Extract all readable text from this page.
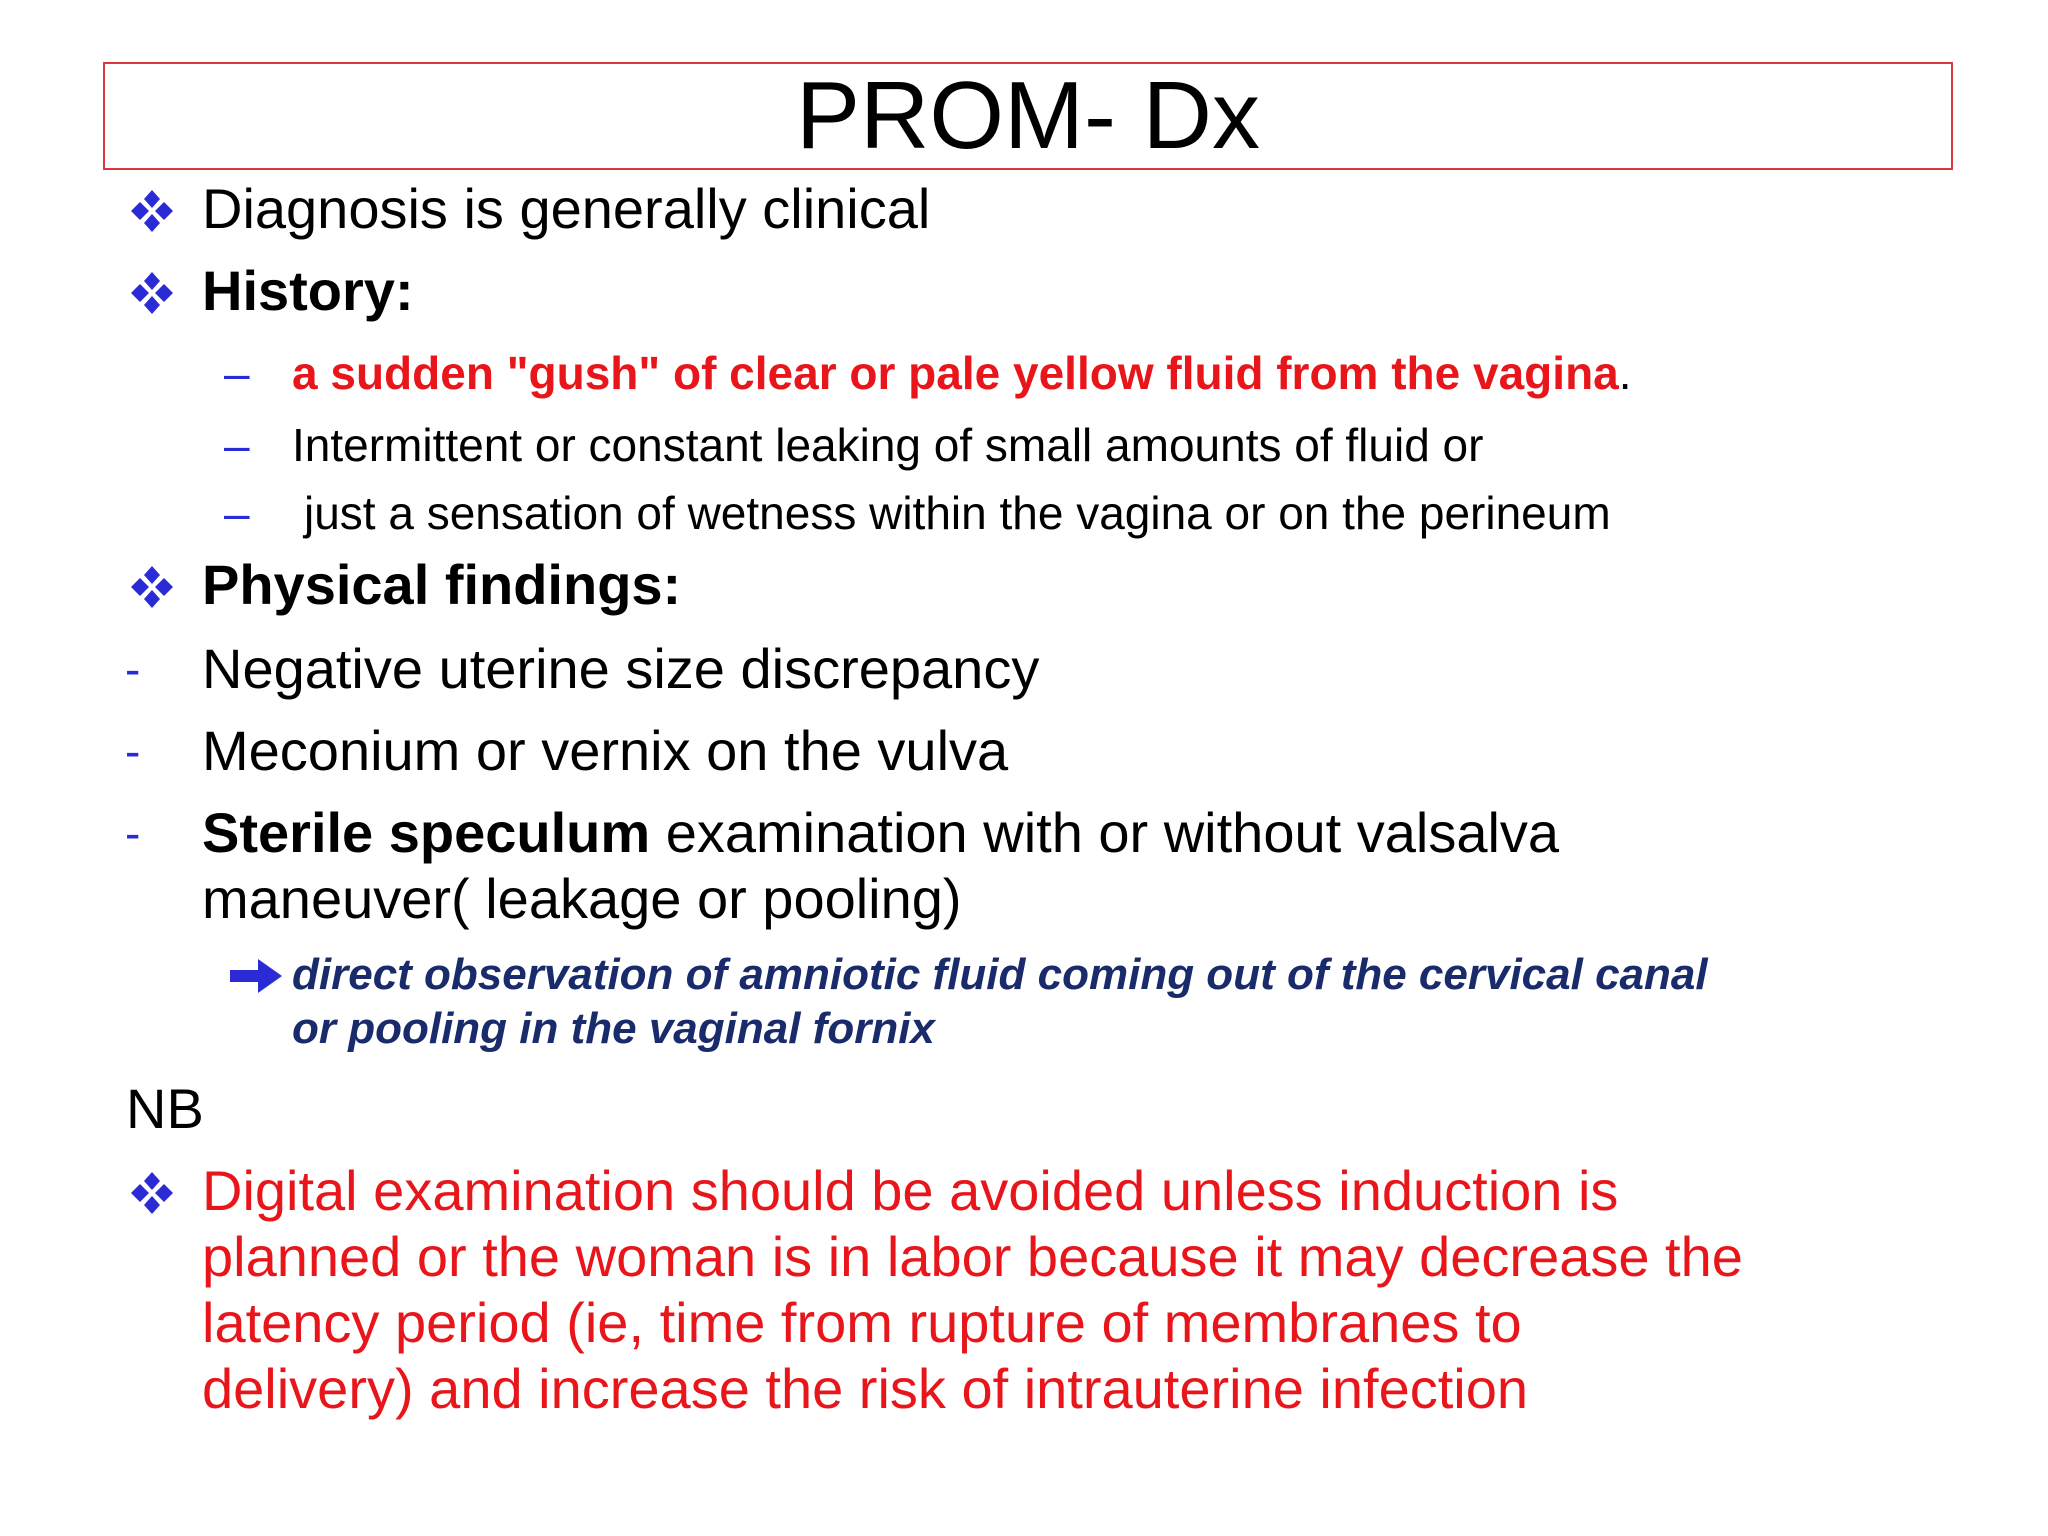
PROM- Dx
Diagnosis is generally clinical
History:
– a sudden "gush" of clear or pale yellow fluid from the vagina.
– Intermittent or constant leaking of small amounts of fluid or
– just a sensation of wetness within the vagina or on the perineum
Physical findings:
- Negative uterine size discrepancy
- Meconium or vernix on the vulva
- Sterile speculum examination with or without valsalva
maneuver( leakage or pooling)
direct observation of amniotic fluid coming out of the cervical canal
or pooling in the vaginal fornix
NB
Digital examination should be avoided unless induction is
planned or the woman is in labor because it may decrease the
latency period (ie, time from rupture of membranes to
delivery) and increase the risk of intrauterine infection
